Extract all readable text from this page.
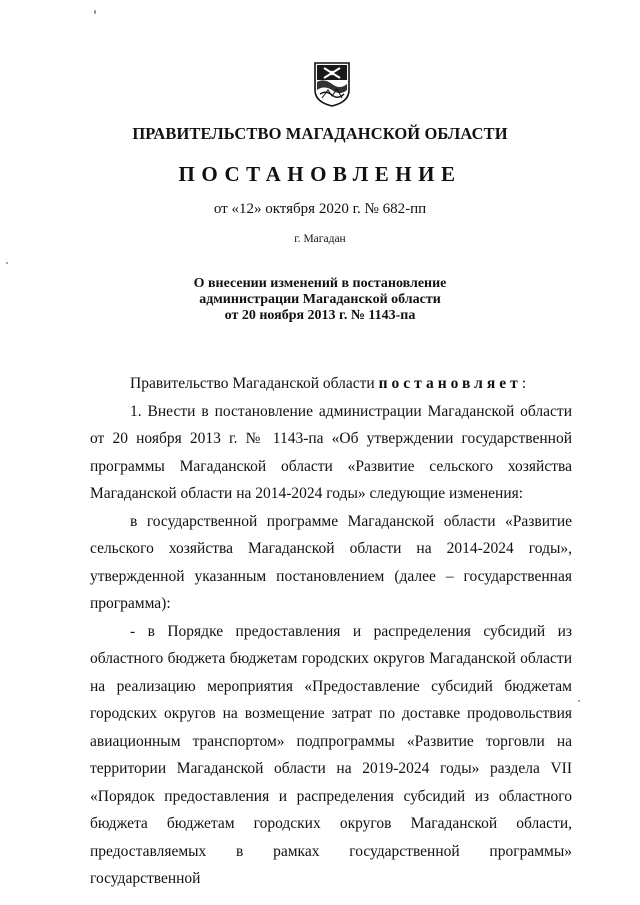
ПРАВИТЕЛЬСТВО МАГАДАНСКОЙ ОБЛАСТИ
ПОСТАНОВЛЕНИЕ
от «12» октября 2020 г. № 682-пп
г. Магадан
О внесении изменений в постановление
администрации Магаданской области
от 20 ноября 2013 г. № 1143-па

Правительство Магаданской области постановляет:

1. Внести в постановление администрации Магаданской области от 20 ноября 2013 г. № 1143-па «Об утверждении государственной программы Магаданской области «Развитие сельского хозяйства Магаданской области на 2014-2024 годы» следующие изменения:

в государственной программе Магаданской области «Развитие сельского хозяйства Магаданской области на 2014-2024 годы», утвержденной указанным постановлением (далее – государственная программа):

- в Порядке предоставления и распределения субсидий из областного бюджета бюджетам городских округов Магаданской области на реализацию мероприятия «Предоставление субсидий бюджетам городских округов на возмещение затрат по доставке продовольствия авиационным транспортом» подпрограммы «Развитие торговли на территории Магаданской области на 2019-2024 годы» раздела VII «Порядок предоставления и распределения субсидий из областного бюджета бюджетам городских округов Магаданской области, предоставляемых в рамках государственной программы» государственной
